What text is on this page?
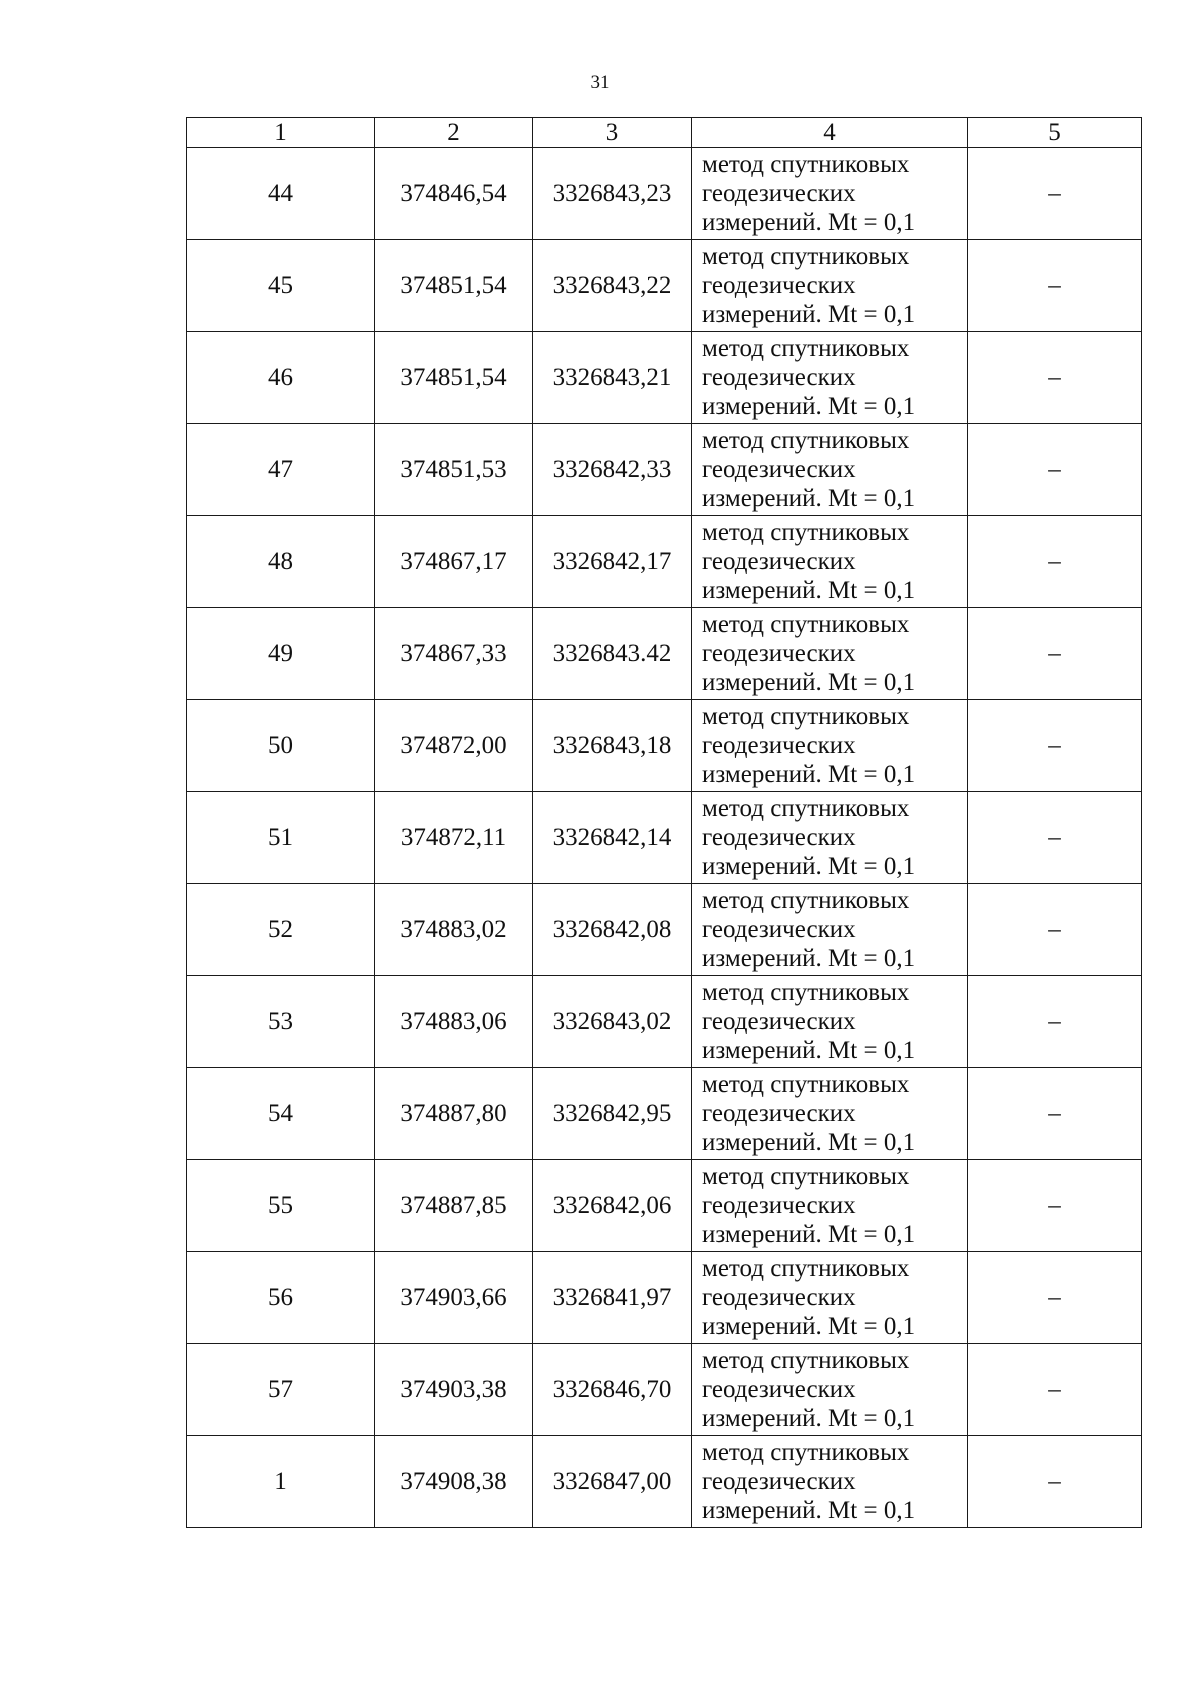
31
1	2	3	4	5
44	374846,54	3326843,23	метод спутниковых
геодезических
измерений. Mt = 0,1	–
45	374851,54	3326843,22	метод спутниковых
геодезических
измерений. Mt = 0,1	–
46	374851,54	3326843,21	метод спутниковых
геодезических
измерений. Mt = 0,1	–
47	374851,53	3326842,33	метод спутниковых
геодезических
измерений. Mt = 0,1	–
48	374867,17	3326842,17	метод спутниковых
геодезических
измерений. Mt = 0,1	–
49	374867,33	3326843.42	метод спутниковых
геодезических
измерений. Mt = 0,1	–
50	374872,00	3326843,18	метод спутниковых
геодезических
измерений. Mt = 0,1	–
51	374872,11	3326842,14	метод спутниковых
геодезических
измерений. Mt = 0,1	–
52	374883,02	3326842,08	метод спутниковых
геодезических
измерений. Mt = 0,1	–
53	374883,06	3326843,02	метод спутниковых
геодезических
измерений. Mt = 0,1	–
54	374887,80	3326842,95	метод спутниковых
геодезических
измерений. Mt = 0,1	–
55	374887,85	3326842,06	метод спутниковых
геодезических
измерений. Mt = 0,1	–
56	374903,66	3326841,97	метод спутниковых
геодезических
измерений. Mt = 0,1	–
57	374903,38	3326846,70	метод спутниковых
геодезических
измерений. Mt = 0,1	–
1	374908,38	3326847,00	метод спутниковых
геодезических
измерений. Mt = 0,1	–
